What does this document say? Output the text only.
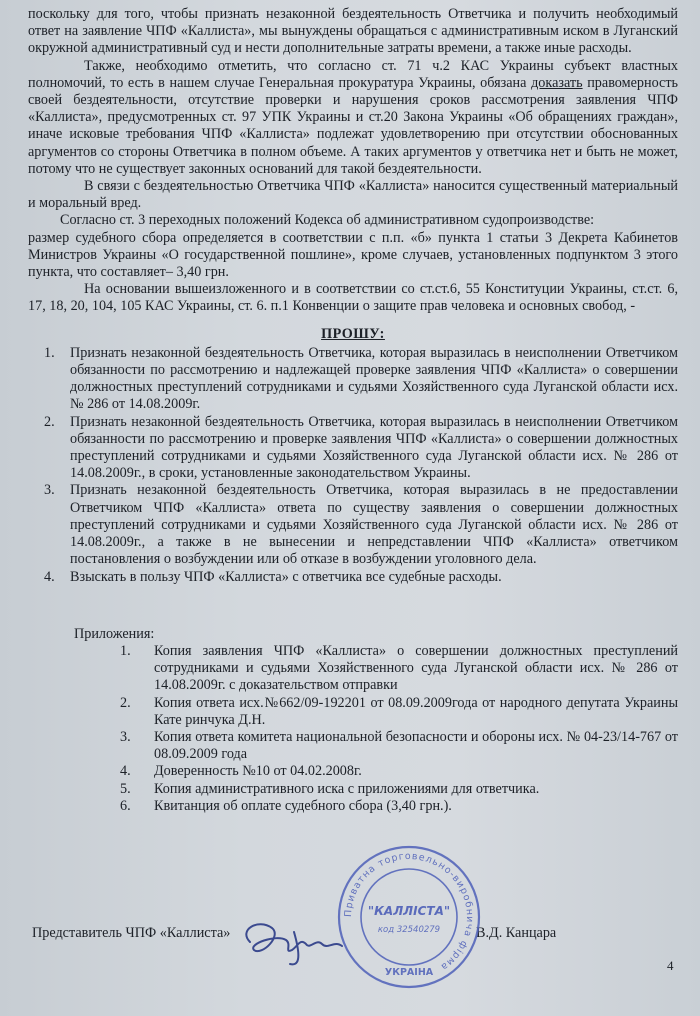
поскольку для того, чтобы признать незаконной бездеятельность Ответчика и получить необходимый ответ на заявление ЧПФ «Каллиста», мы вынуждены обращаться с административным иском в Луганский окружной административный суд и нести дополнительные затраты времени, а также иные расходы.

Также, необходимо отметить, что согласно ст. 71 ч.2 КАС Украины субъект властных полномочий, то есть в нашем случае Генеральная прокуратура Украины, обязана доказать правомерность своей бездеятельности, отсутствие проверки и нарушения сроков рассмотрения заявления ЧПФ «Каллиста», предусмотренных ст. 97 УПК Украины и ст.20 Закона Украины «Об обращениях граждан», иначе исковые требования ЧПФ «Каллиста» подлежат удовлетворению при отсутствии обоснованных аргументов со стороны Ответчика в полном объеме. А таких аргументов у ответчика нет и быть не может, потому что не существует законных оснований для такой бездеятельности.

В связи с бездеятельностью Ответчика ЧПФ «Каллиста» наносится существенный материальный и моральный вред.

Согласно ст. 3 переходных положений Кодекса об административном судопроизводстве:

размер судебного сбора определяется в соответствии с п.п. «б» пункта 1 статьи 3 Декрета Кабинетов Министров Украины «О государственной пошлине», кроме случаев, установленных подпунктом 3 этого пункта, что составляет– 3,40 грн.

На основании вышеизложенного и в соответствии со ст.ст.6, 55 Конституции Украины, ст.ст. 6, 17, 18, 20, 104, 105 КАС Украины, ст. 6. п.1 Конвенции о защите прав человека и основных свобод, -

ПРОШУ:

1. Признать незаконной бездеятельность Ответчика, которая выразилась в неисполнении Ответчиком обязанности по рассмотрению и надлежащей проверке заявления ЧПФ «Каллиста» о совершении должностных преступлений сотрудниками и судьями Хозяйственного суда Луганской области исх. № 286 от 14.08.2009г.
2. Признать незаконной бездеятельность Ответчика, которая выразилась в неисполнении Ответчиком обязанности по рассмотрению и проверке заявления ЧПФ «Каллиста» о совершении должностных преступлений сотрудниками и судьями Хозяйственного суда Луганской области исх. № 286 от 14.08.2009г., в сроки, установленные законодательством Украины.
3. Признать незаконной бездеятельность Ответчика, которая выразилась в не предоставлении Ответчиком ЧПФ «Каллиста» ответа по существу заявления о совершении должностных преступлений сотрудниками и судьями Хозяйственного суда Луганской области исх. № 286 от 14.08.2009г., а также в не вынесении и непредставлении ЧПФ «Каллиста» ответчиком постановления о возбуждении или об отказе в возбуждении уголовного дела.
4. Взыскать в пользу ЧПФ «Каллиста» с ответчика все судебные расходы.

Приложения:

1. Копия заявления ЧПФ «Каллиста» о совершении должностных преступлений сотрудниками и судьями Хозяйственного суда Луганской области исх. № 286 от 14.08.2009г. с доказательством отправки
2. Копия ответа исх.№662/09-192201 от 08.09.2009года от народного депутата Украины Кате ринчука Д.Н.
3. Копия ответа комитета национальной безопасности и обороны исх. № 04-23/14-767 от 08.09.2009 года
4. Доверенность №10 от 04.02.2008г.
5. Копия административного иска с приложениями для ответчика.
6. Квитанция об оплате судебного сбора (3,40 грн.).
Представитель ЧПФ «Каллиста»	В.Д. Канцара
Приватна торговельно-виробнича фірма
"КАЛЛІСТА"
код 32540279
УКРАЇНА	4
